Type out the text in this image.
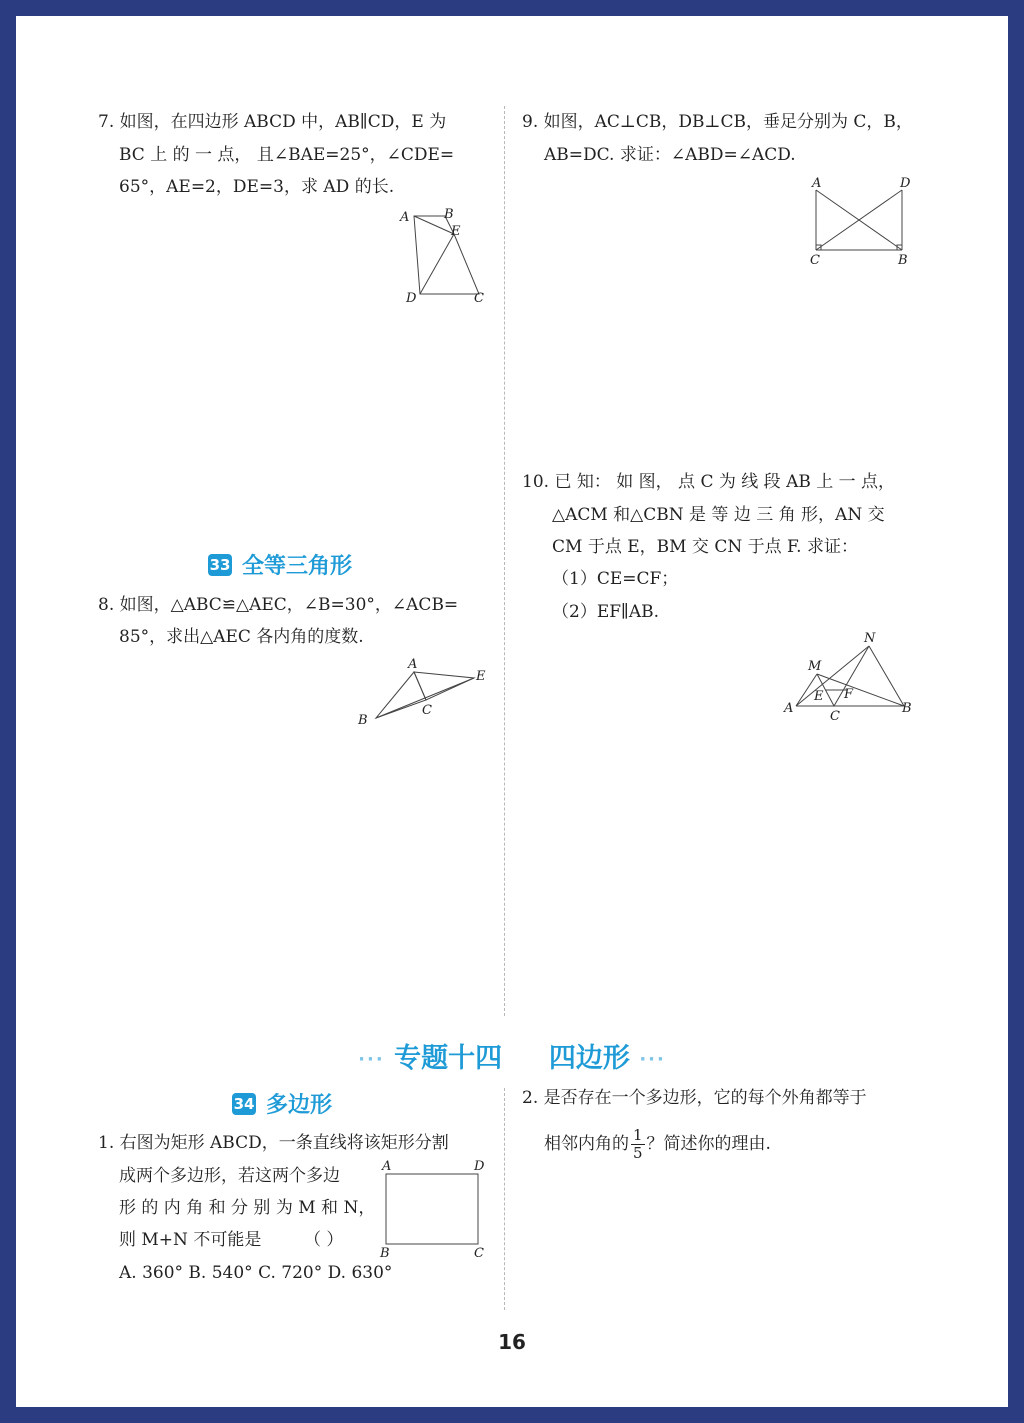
7. 如图，在四边形 ABCD 中，AB∥CD，E 为
BC 上 的 一 点， 且∠BAE=25°，∠CDE=
65°，AE=2，DE=3，求 AD 的长.
A	B
E
D	C
9. 如图，AC⊥CB，DB⊥CB，垂足分别为 C，B，
AB=DC. 求证：∠ABD=∠ACD.
A	D
C	B
10. 已 知： 如 图， 点 C 为 线 段 AB 上 一 点，
△ACM 和△CBN 是 等 边 三 角 形，AN 交
CM 于点 E，BM 交 CN 于点 F. 求证：
（1）CE=CF；
（2）EF∥AB.
N
M
E F
A
C
B
33 全等三角形
8. 如图，△ABC≌△AEC，∠B=30°，∠ACB=
85°，求出△AEC 各内角的度数.
A
E
B
C
··· 专题十四 四边形 ···
34 多边形
1. 右图为矩形 ABCD，一条直线将该矩形分割
成两个多边形，若这两个多边
形 的 内 角 和 分 别 为 M 和 N，
则 M+N 不可能是	（ ）
A. 360° B. 540° C. 720° D. 630°
A	D
B	C
2. 是否存在一个多边形，它的每个外角都等于
相邻内角的 $\frac{1}{5}$ ？简述你的理由.
16
